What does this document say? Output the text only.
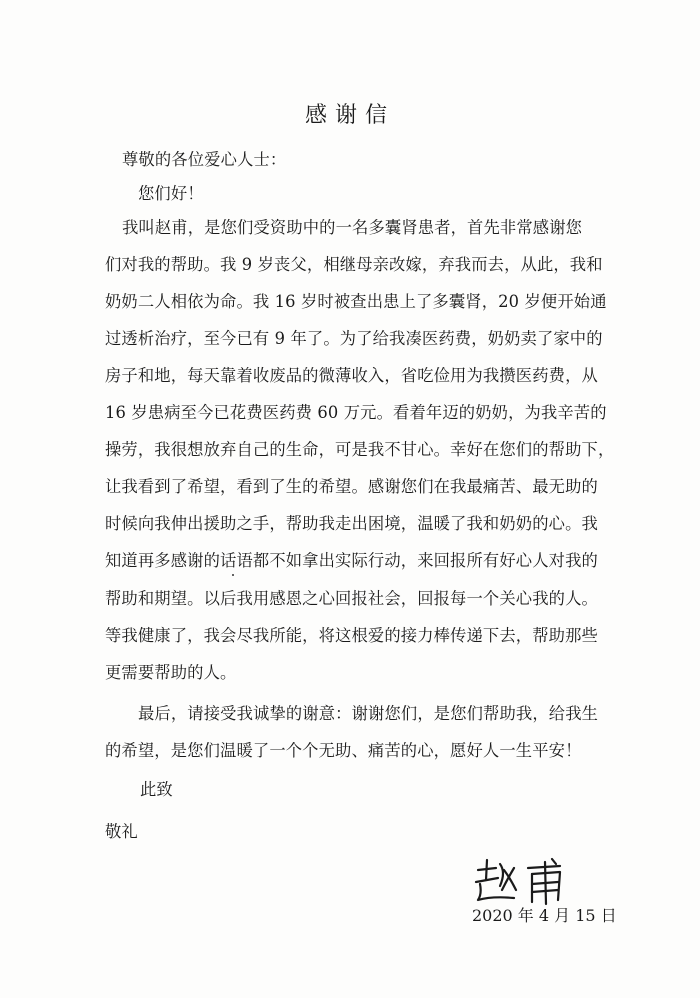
感谢信
尊敬的各位爱心人士：
您们好！
我叫赵甫，是您们受资助中的一名多囊肾患者，首先非常感谢您
们对我的帮助。我 9 岁丧父，相继母亲改嫁，弃我而去，从此，我和
奶奶二人相依为命。我 16 岁时被查出患上了多囊肾，20 岁便开始通
过透析治疗，至今已有 9 年了。为了给我凑医药费，奶奶卖了家中的
房子和地，每天靠着收废品的微薄收入，省吃俭用为我攒医药费，从
16 岁患病至今已花费医药费 60 万元。看着年迈的奶奶，为我辛苦的
操劳，我很想放弃自己的生命，可是我不甘心。幸好在您们的帮助下，
让我看到了希望，看到了生的希望。感谢您们在我最痛苦、最无助的
时候向我伸出援助之手，帮助我走出困境，温暖了我和奶奶的心。我
知道再多感谢的话语都不如拿出实际行动，来回报所有好心人对我的
帮助和期望。以后我用感恩之心回报社会，回报每一个关心我的人。
等我健康了，我会尽我所能，将这根爱的接力棒传递下去，帮助那些
更需要帮助的人。
最后，请接受我诚挚的谢意：谢谢您们，是您们帮助我，给我生
的希望，是您们温暖了一个个无助、痛苦的心，愿好人一生平安！
此致
敬礼
2020 年 4 月 15 日
